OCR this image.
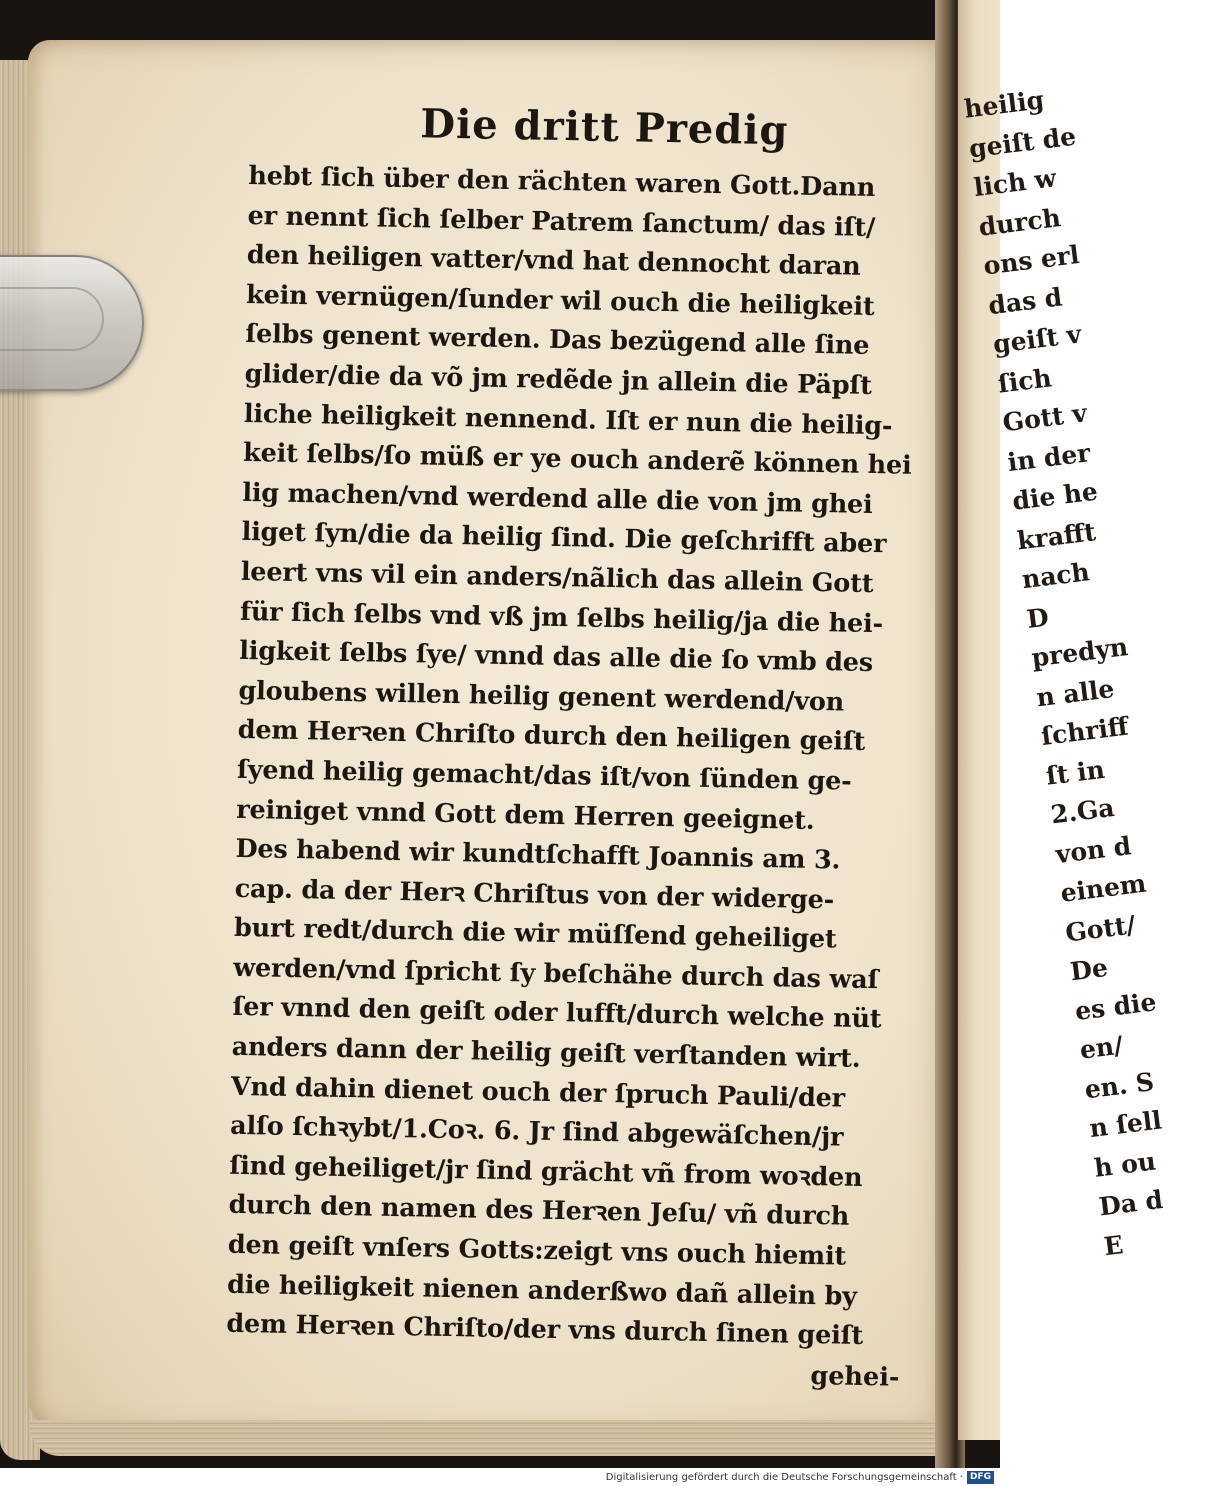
heilig
geiſt de
lich w
durch
ons erl
das d
geiſt v
ſich
Gott v
in der
die he
krafft
nach
D
predyn
n alle
ſchriff
ſt in
2.Ga
von d
einem
Gott/
De
es die
en/
en. S
n ſell
h ou
Da d
E
Die dritt Predig
hebt ſich über den rächten waren Gott.Dann
er nennt ſich ſelber Patrem ſanctum/ das iſt/
den heiligen vatter/vnd hat dennocht daran
kein vernügen/ſunder wil ouch die heiligkeit
ſelbs genent werden. Das bezügend alle ſine
glider/die da võ jm redẽde jn allein die Päpſt
liche heiligkeit nennend. Iſt er nun die heilig-
keit ſelbs/ſo müß er ye ouch anderẽ können hei
lig machen/vnd werdend alle die von jm ghei
liget ſyn/die da heilig ſind. Die geſchrifft aber
leert vns vil ein anders/nãlich das allein Gott
für ſich ſelbs vnd vß jm ſelbs heilig/ja die hei-
ligkeit ſelbs ſye/ vnnd das alle die ſo vmb des
gloubens willen heilig genent werdend/von
dem Herꝛen Chriſto durch den heiligen geiſt
ſyend heilig gemacht/das iſt/von ſünden ge-
reiniget vnnd Gott dem Herren geeignet.
Des habend wir kundtſchafft Joannis am 3.
cap. da der Herꝛ Chriſtus von der widerge-
burt redt/durch die wir müſſend geheiliget
werden/vnd ſpricht ſy beſchähe durch das waſ
ſer vnnd den geiſt oder lufft/durch welche nüt
anders dann der heilig geiſt verſtanden wirt.
Vnd dahin dienet ouch der ſpruch Pauli/der
alſo ſchꝛybt/1.Coꝛ. 6. Jr ſind abgewäſchen/jr
ſind geheiliget/jr ſind grächt vñ from woꝛden
durch den namen des Herꝛen Jeſu/ vñ durch
den geiſt vnſers Gotts:zeigt vns ouch hiemit
die heiligkeit nienen anderßwo dañ allein by
dem Herꝛen Chriſto/der vns durch ſinen geiſt
gehei-
Digitalisierung gefördert durch die Deutsche Forschungsgemeinschaft · DFG
